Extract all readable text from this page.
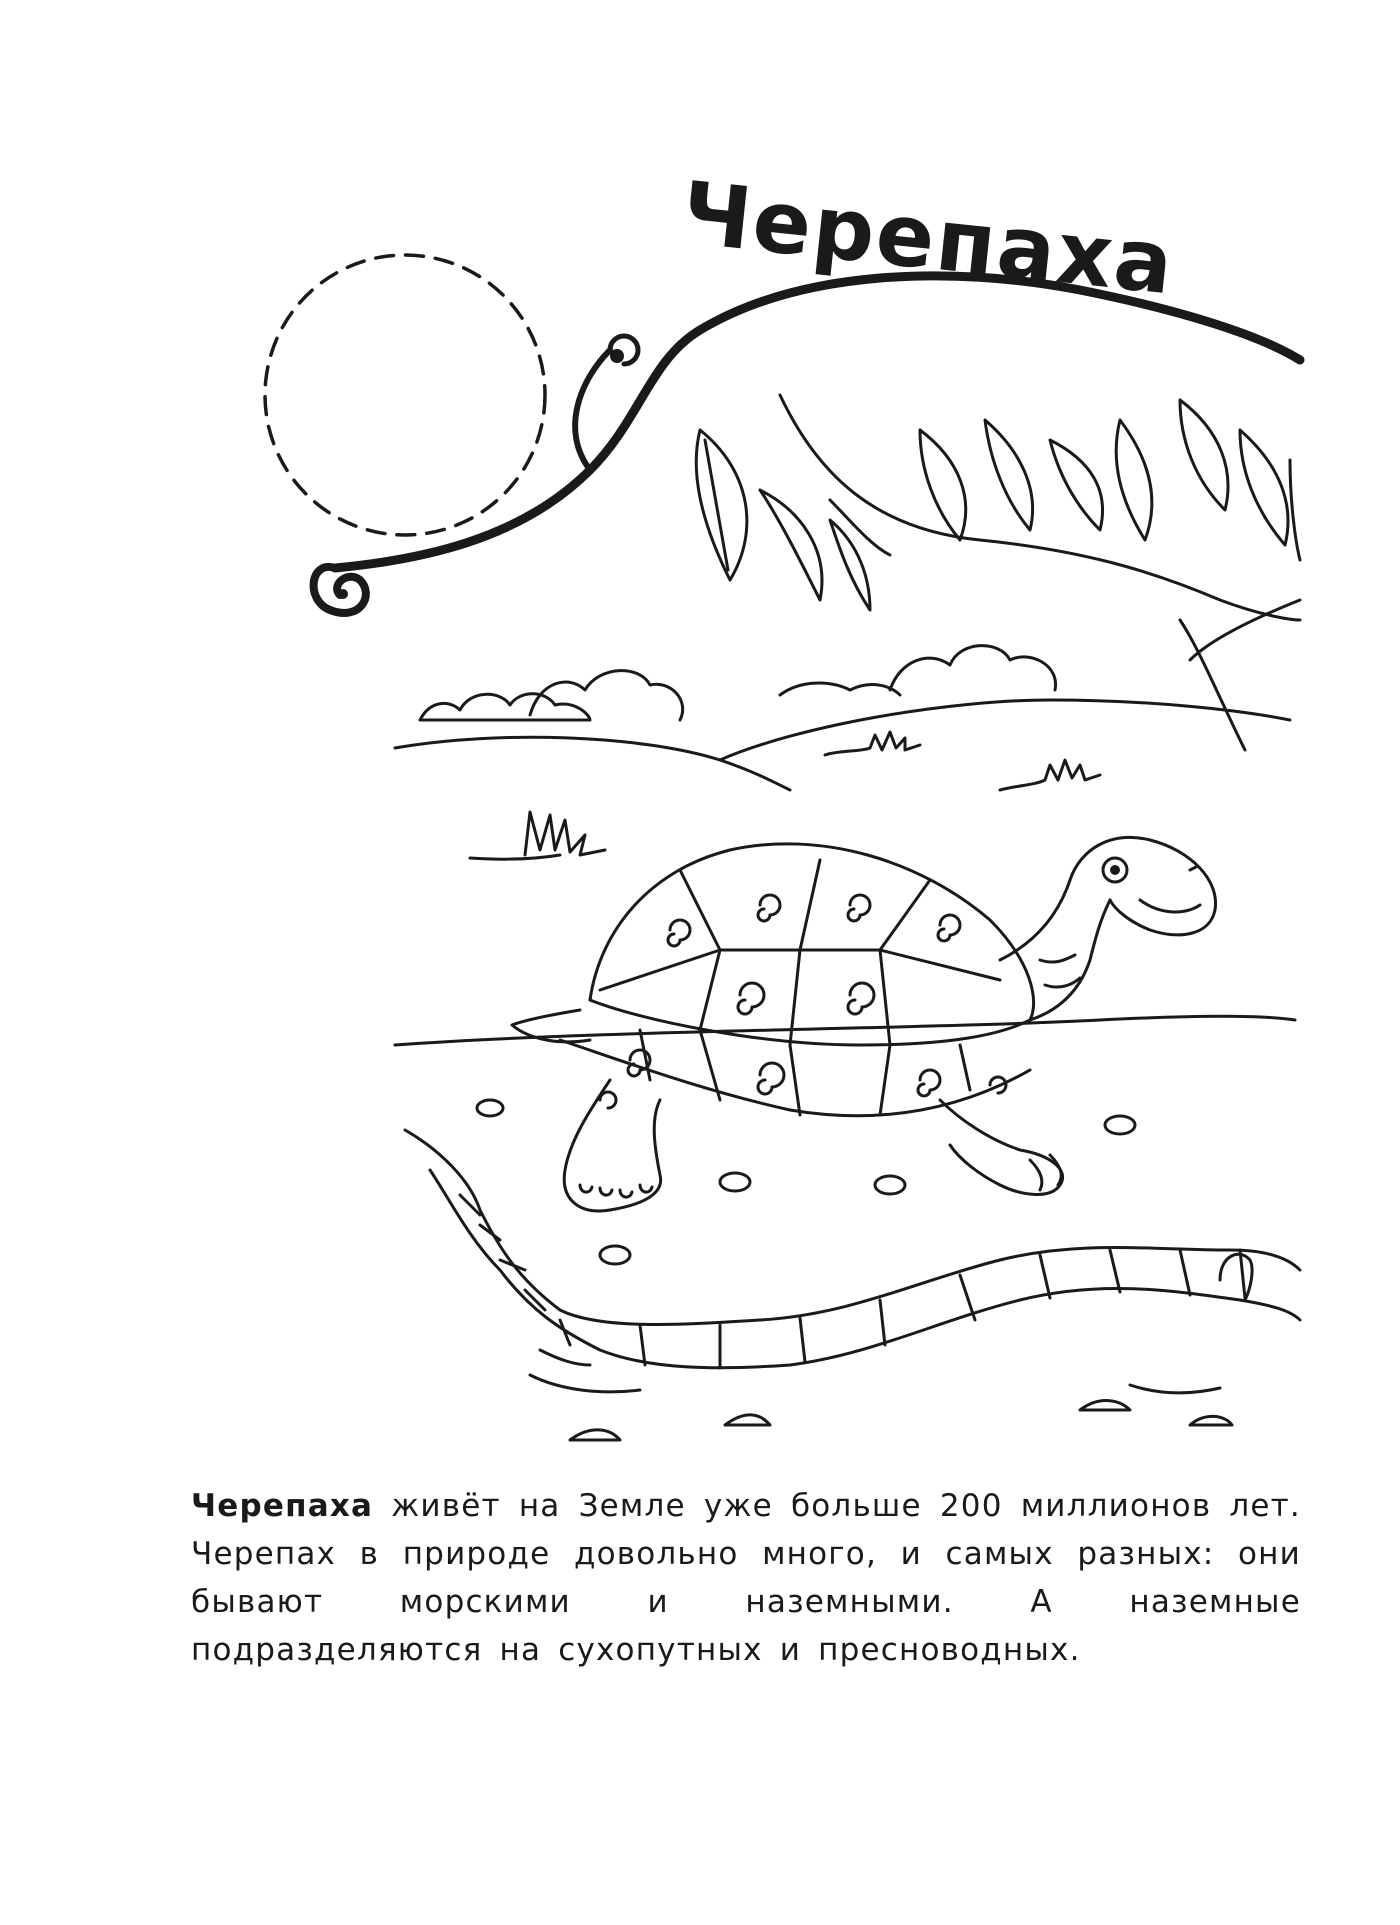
Черепаха

Черепаха живёт на Земле уже больше 200 миллионов лет. Черепах в природе довольно много, и самых разных: они бывают морскими и наземными. А наземные подразделяются на сухопутных и пресноводных.
